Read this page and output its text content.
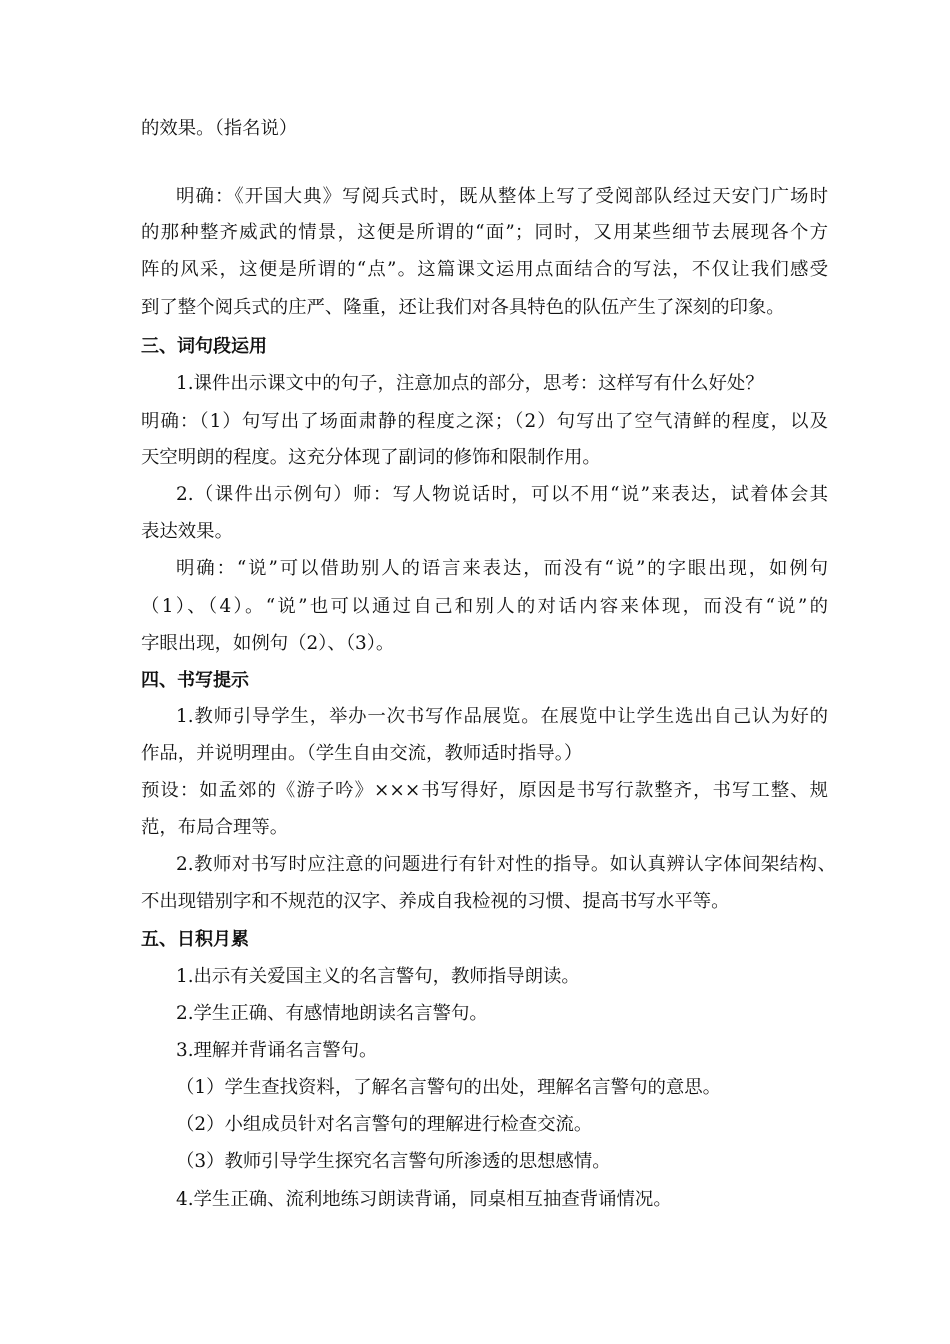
的效果。（指名说）
明确：《开国大典》写阅兵式时，既从整体上写了受阅部队经过天安门广场时
的那种整齐威武的情景，这便是所谓的“面”；同时，又用某些细节去展现各个方
阵的风采，这便是所谓的“点”。这篇课文运用点面结合的写法，不仅让我们感受
到了整个阅兵式的庄严、隆重，还让我们对各具特色的队伍产生了深刻的印象。
三、词句段运用
1.课件出示课文中的句子，注意加点的部分，思考：这样写有什么好处？
明确：（1）句写出了场面肃静的程度之深；（2）句写出了空气清鲜的程度，以及
天空明朗的程度。这充分体现了副词的修饰和限制作用。
2.（课件出示例句）师：写人物说话时，可以不用“说”来表达，试着体会其
表达效果。
明确：“说”可以借助别人的语言来表达，而没有“说”的字眼出现，如例句
（1）、（4）。“说”也可以通过自己和别人的对话内容来体现，而没有“说”的
字眼出现，如例句（2）、（3）。
四、书写提示
1.教师引导学生，举办一次书写作品展览。在展览中让学生选出自己认为好的
作品，并说明理由。（学生自由交流，教师适时指导。）
预设：如孟郊的《游子吟》×××书写得好，原因是书写行款整齐，书写工整、规
范，布局合理等。
2.教师对书写时应注意的问题进行有针对性的指导。如认真辨认字体间架结构、
不出现错别字和不规范的汉字、养成自我检视的习惯、提高书写水平等。
五、日积月累
1.出示有关爱国主义的名言警句，教师指导朗读。
2.学生正确、有感情地朗读名言警句。
3.理解并背诵名言警句。
（1）学生查找资料，了解名言警句的出处，理解名言警句的意思。
（2）小组成员针对名言警句的理解进行检查交流。
（3）教师引导学生探究名言警句所渗透的思想感情。
4.学生正确、流利地练习朗读背诵，同桌相互抽查背诵情况。
